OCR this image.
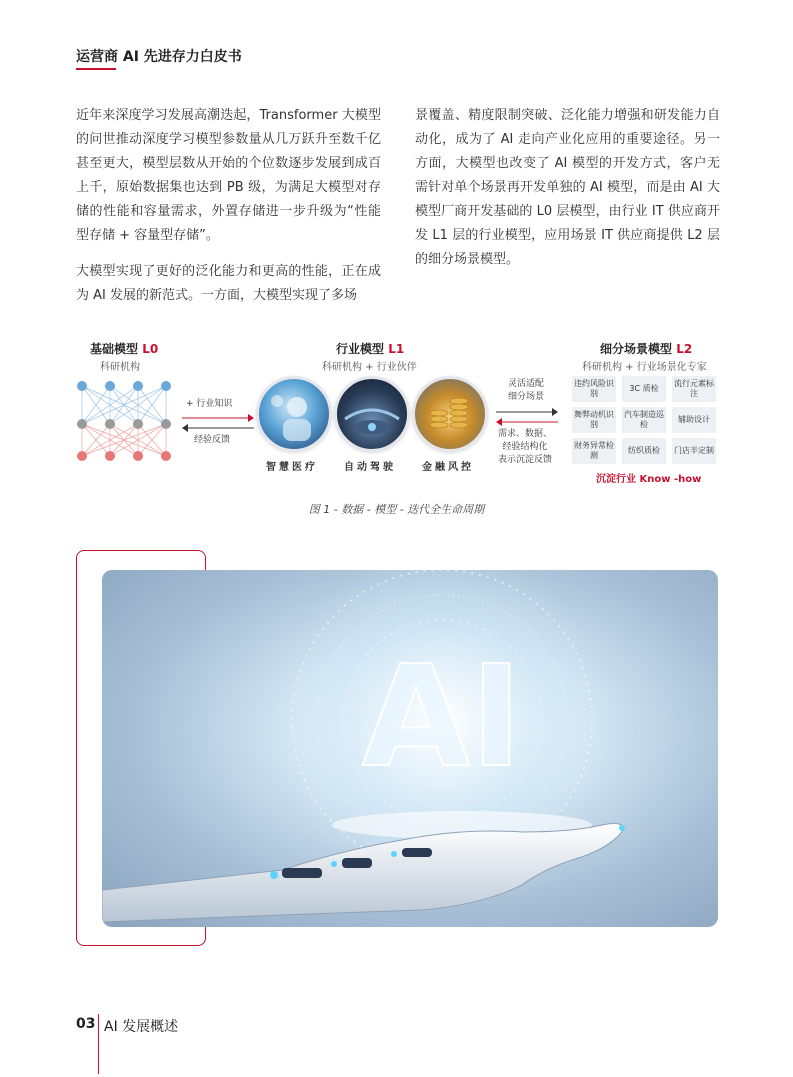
运营商 AI 先进存力白皮书

近年来深度学习发展高潮迭起，Transformer 大模型的问世推动深度学习模型参数量从几万跃升至数千亿甚至更大，模型层数从开始的个位数逐步发展到成百上千，原始数据集也达到 PB 级，为满足大模型对存储的性能和容量需求，外置存储进一步升级为“性能型存储 + 容量型存储”。

大模型实现了更好的泛化能力和更高的性能，正在成为 AI 发展的新范式。一方面，大模型实现了多场

景覆盖、精度限制突破、泛化能力增强和研发能力自动化，成为了 AI 走向产业化应用的重要途径。另一方面，大模型也改变了 AI 模型的开发方式，客户无需针对单个场景再开发单独的 AI 模型，而是由 AI 大模型厂商开发基础的 L0 层模型，由行业 IT 供应商开发 L1 层的行业模型，应用场景 IT 供应商提供 L2 层的细分场景模型。

基础模型 L0
科研机构
+ 行业知识
经验反馈
行业模型 L1
科研机构 + 行业伙伴
智慧医疗	自动驾驶	金融风控
灵活适配
细分场景
需求、数据、
经验结构化
表示沉淀反馈
细分场景模型 L2
科研机构 + 行业场景化专家
违约风险识别
3C 质检
流行元素标注
舞弊动机识别
汽车制造巡检
辅助设计
财务异常检测
纺织质检	门店半定制
沉淀行业 Know -how
图 1 - 数据 - 模型 - 迭代全生命周期
AI
03 AI 发展概述
